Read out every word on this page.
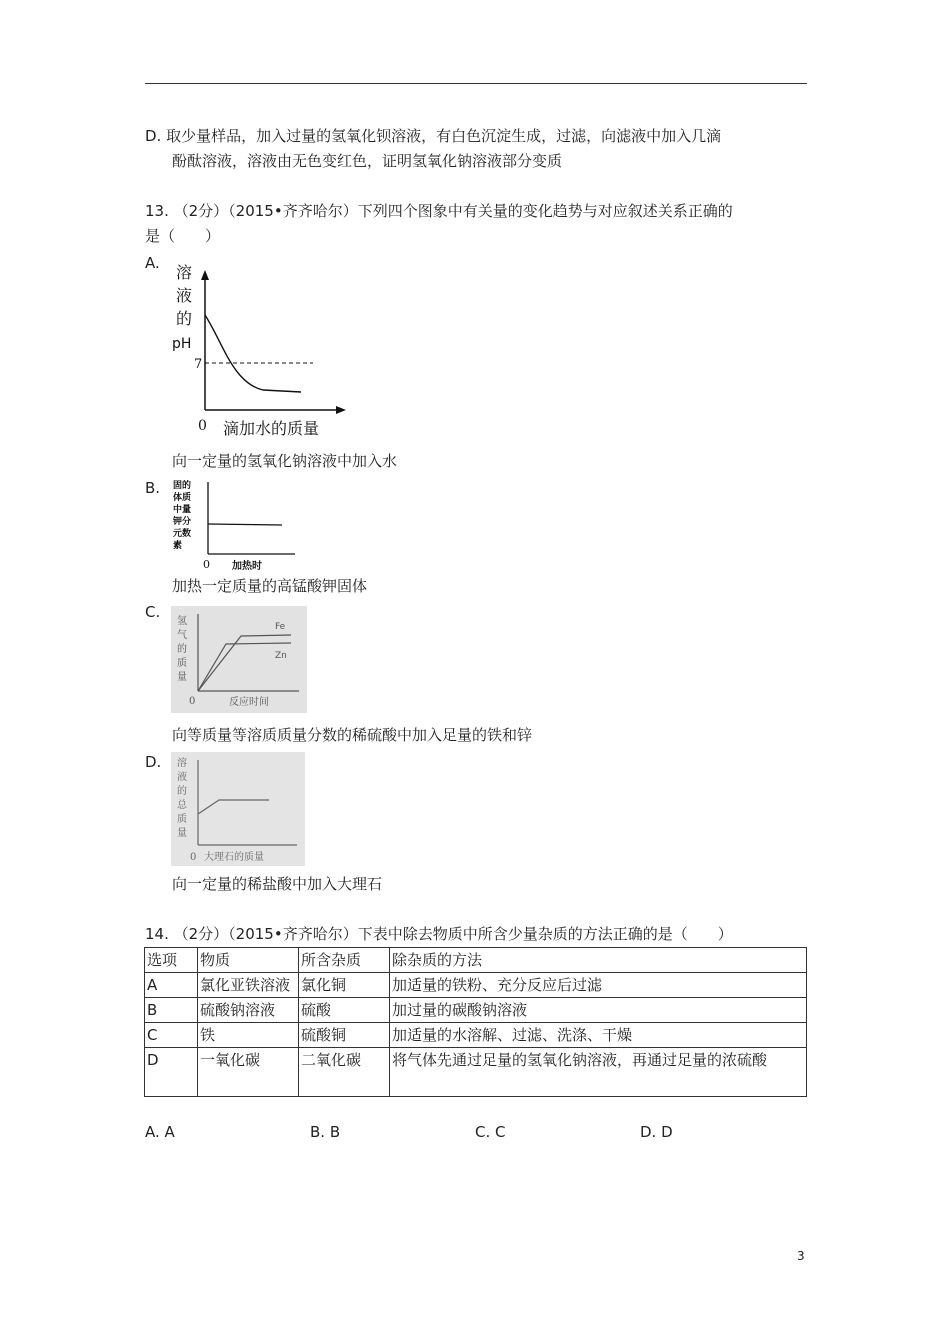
D. 取少量样品，加入过量的氢氧化钡溶液，有白色沉淀生成，过滤，向滤液中加入几滴
酚酞溶液，溶液由无色变红色，证明氢氧化钠溶液部分变质
13. （2分）（2015•齐齐哈尔）下列四个图象中有关量的变化趋势与对应叙述关系正确的
是（　　）
A. 溶
液
的
pH
7
0 滴加水的质量
向一定量的氢氧化钠溶液中加入水
B. 固的
体质
中量
钾分
元数
素
0 加热时
加热一定质量的高锰酸钾固体
C.
氢
气
的
质
量
Fe
Zn
0	反应时间
向等质量等溶质质量分数的稀硫酸中加入足量的铁和锌
D. 溶
液
的
总
质
量
0 大理石的质量
向一定量的稀盐酸中加入大理石
14. （2分）（2015•齐齐哈尔）下表中除去物质中所含少量杂质的方法正确的是（　　）
选项	物质	所含杂质	除杂质的方法
A	氯化亚铁溶液	氯化铜	加适量的铁粉、充分反应后过滤
B	硫酸钠溶液	硫酸	加过量的碳酸钠溶液
C	铁	硫酸铜	加适量的水溶解、过滤、洗涤、干燥
D	一氧化碳	二氧化碳	将气体先通过足量的氢氧化钠溶液，再通过足量的浓硫酸
A. A	B. B	C. C	D. D
3
